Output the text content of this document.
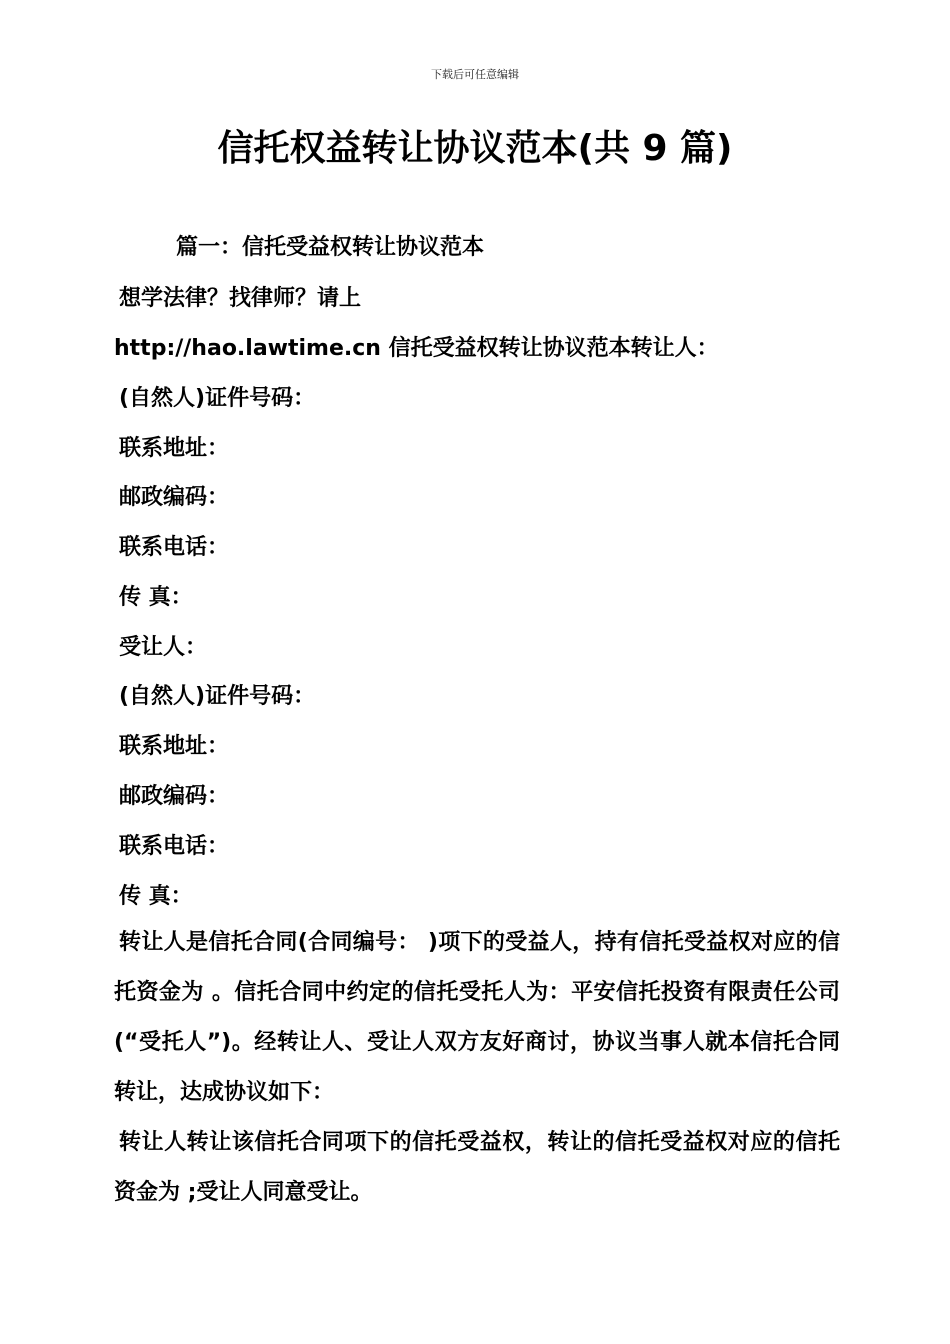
下载后可任意编辑
信托权益转让协议范本(共 9 篇)
篇一：信托受益权转让协议范本
想学法律？找律师？请上
http://hao.lawtime.cn 信托受益权转让协议范本转让人：
(自然人)证件号码：
联系地址：
邮政编码：
联系电话：
传 真：
受让人：
(自然人)证件号码：
联系地址：
邮政编码：
联系电话：
传 真：
转让人是信托合同(合同编号： )项下的受益人，持有信托受益权对应的信托资金为 。信托合同中约定的信托受托人为：平安信托投资有限责任公司(“受托人”)。经转让人、受让人双方友好商讨，协议当事人就本信托合同转让，达成协议如下：
转让人转让该信托合同项下的信托受益权，转让的信托受益权对应的信托资金为 ;受让人同意受让。
